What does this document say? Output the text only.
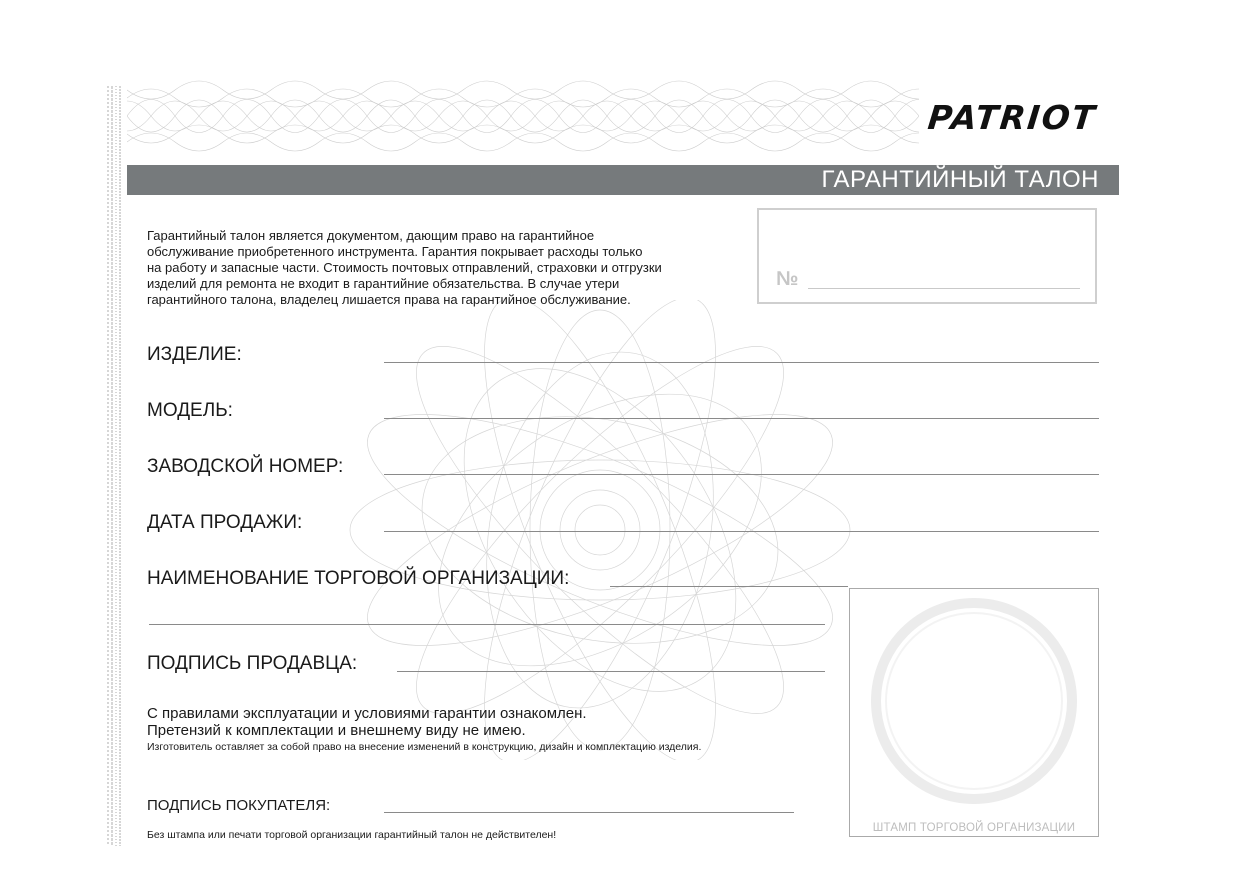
PATRIOT
ГАРАНТИЙНЫЙ ТАЛОН
№
Гарантийный талон является документом, дающим право на гарантийное
обслуживание приобретенного инструмента. Гарантия покрывает расходы только
на работу и запасные части. Стоимость почтовых отправлений, страховки и отгрузки
изделий для ремонта не входит в гарантийние обязательства. В случае утери
гарантийного талона, владелец лишается права на гарантийное обслуживание.
ИЗДЕЛИЕ:
МОДЕЛЬ:
ЗАВОДСКОЙ НОМЕР:
ДАТА ПРОДАЖИ:
НАИМЕНОВАНИЕ ТОРГОВОЙ ОРГАНИЗАЦИИ:
ПОДПИСЬ ПРОДАВЦА:
ШТАМП ТОРГОВОЙ ОРГАНИЗАЦИИ
С правилами эксплуатации и условиями гарантии ознакомлен.
Претензий к комплектации и внешнему виду не имею.
Изготовитель оставляет за собой право на внесение изменений в конструкцию, дизайн и комплектацию изделия.
ПОДПИСЬ ПОКУПАТЕЛЯ:
Без штампа или печати торговой организации гарантийный талон не действителен!
